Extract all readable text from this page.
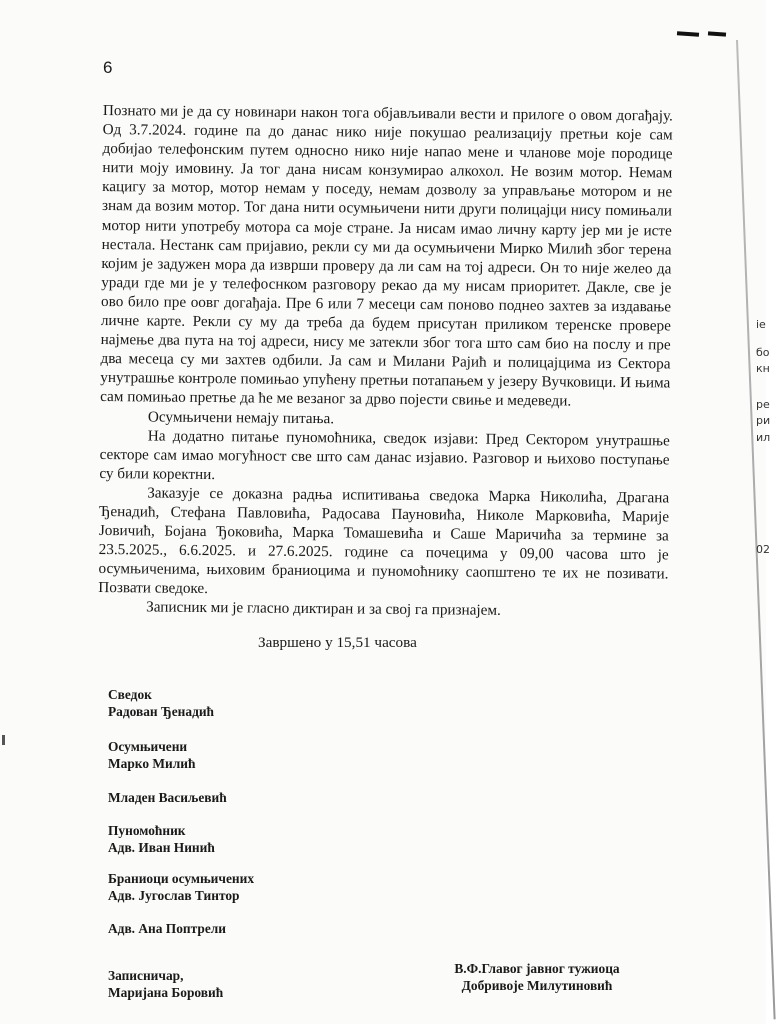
ie
бо
кн
ре
ри
ил
02
6

Познато ми је да су новинари након тога објављивали вести и прилоге о овом догађају. Од 3.7.2024. године па до данас нико није покушао реализацију претњи које сам добијао телефонским путем односно нико није напао мене и чланове моје породице нити моју имовину. Ја тог дана нисам конзумирао алкохол. Не возим мотор. Немам кацигу за мотор, мотор немам у поседу, немам дозволу за управљање мотором и не знам да возим мотор. Тог дана нити осумњичени нити други полицајци нису помињали мотор нити употребу мотора са моје стране. Ја нисам имао личну карту јер ми је исте нестала. Нестанк сам пријавио, рекли су ми да осумњичени Мирко Милић због терена којим је задужен мора да изврши проверу да ли сам на тој адреси. Он то није желео да уради где ми је у телефоснком разговору рекао да му нисам приоритет. Дакле, све је ово било пре оовг догађаја. Пре 6 или 7 месеци сам поново поднео захтев за издавање личне карте. Рекли су му да треба да будем присутан приликом теренске провере најмење два пута на тој адреси, нису ме затекли због тога што сам био на послу и пре два месеца су ми захтев одбили. Ја сам и Милани Рајић и полицајцима из Сектора унутрашње контроле помињао упућену претњи потапањем у језеру Вучковици. И њима сам помињао претње да ће ме везаног за дрво појести свиње и медеведи.

Осумњичени немају питања.

На додатно питање пуномоћника, сведок изјави: Пред Сектором унутрашње секторе сам имао могућност све што сам данас изјавио. Разговор и њихово поступање су били коректни.

Заказује се доказна радња испитивања сведока Марка Николића, Драгана Ђенадић, Стефана Павловића, Радосава Пауновића, Николе Марковића, Марије Јовичић, Бојана Ђоковића, Марка Томашевића и Саше Маричића за термине за 23.5.2025., 6.6.2025. и 27.6.2025. године са почецима у 09,00 часова што је осумњиченима, њиховим браниоцима и пуномоћнику саопштено те их не позивати. Позвати сведоке.

Записник ми је гласно диктиран и за свој га признајем.

Завршено у 15,51 часова
Сведок
Радован Ђенадић
Осумњичени
Марко Милић
Младен Васиљевић
Пуномоћник
Адв. Иван Нинић
Браниоци осумњичених
Адв. Југослав Тинтор
Адв. Ана Поптрели
Записничар,
Маријана Боровић
В.Ф.Главог јавног тужиоца
Добривоје Милутиновић
